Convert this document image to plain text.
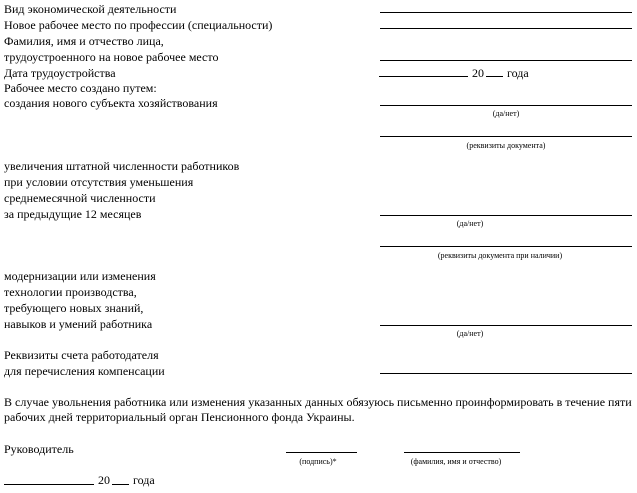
Вид экономической деятельности
Новое рабочее место по профессии (специальности)
Фамилия, имя и отчество лица,
трудоустроенного на новое рабочее место
Дата трудоустройства	20 года
Рабочее место создано путем:
создания нового субъекта хозяйствования
(да/нет)
(реквизиты документа)
увеличения штатной численности работников
при условии отсутствия уменьшения
среднемесячной численности
за предыдущие 12 месяцев
(да/нет)
(реквизиты документа при наличии)
модернизации или изменения
технологии производства,
требующего новых знаний,
навыков и умений работника
(да/нет)
Реквизиты счета работодателя
для перечисления компенсации
В случае увольнения работника или изменения указанных данных обязуюсь письменно проинформировать в течение пяти рабочих дней территориальный орган Пенсионного фонда Украины.
Руководитель
(подпись)*	(фамилия, имя и отчество)
20 года
